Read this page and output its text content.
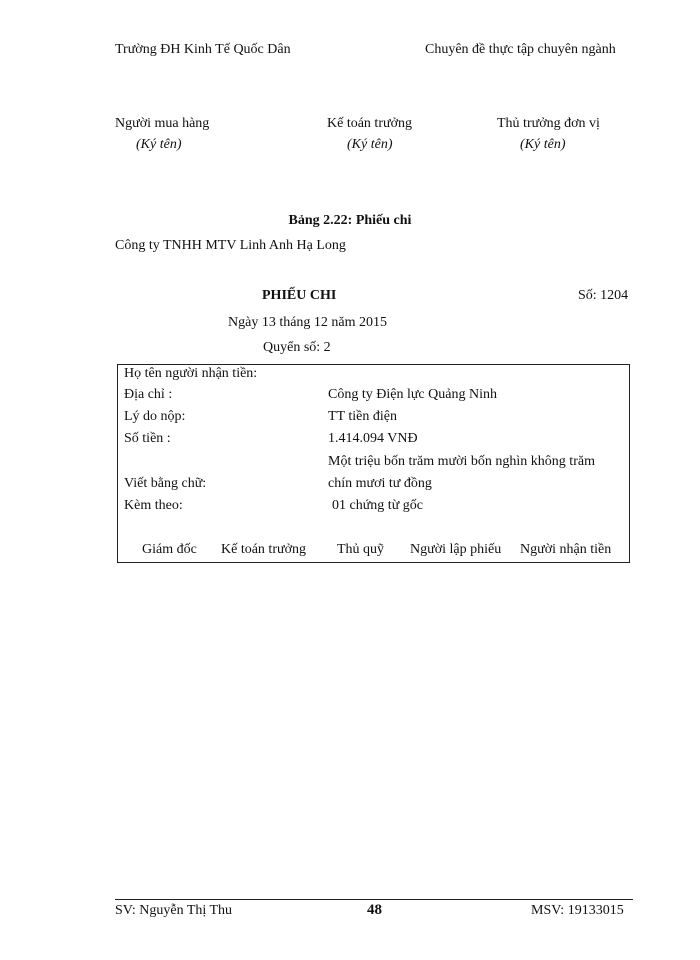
Trường ĐH Kinh Tế Quốc Dân	Chuyên đề thực tập chuyên ngành
Người mua hàng	Kế toán trưởng	Thủ trưởng đơn vị
(Ký tên)	(Ký tên)	(Ký tên)
Bảng 2.22: Phiếu chi
Công ty TNHH MTV Linh Anh Hạ Long
PHIẾU CHI	Số: 1204
Ngày 13 tháng 12 năm 2015
Quyển số: 2
Họ tên người nhận tiền:
Địa chỉ :	Công ty Điện lực Quảng Ninh
Lý do nộp:	TT tiền điện
Số tiền :	1.414.094 VNĐ
Một triệu bốn trăm mười bốn nghìn không trăm
Viết bằng chữ:	chín mươi tư đồng
Kèm theo:	01 chứng từ gốc
Giám đốc Kế toán trưởng Thủ quỹ Người lập phiếu Người nhận tiền
SV: Nguyễn Thị Thu	48	MSV: 19133015
